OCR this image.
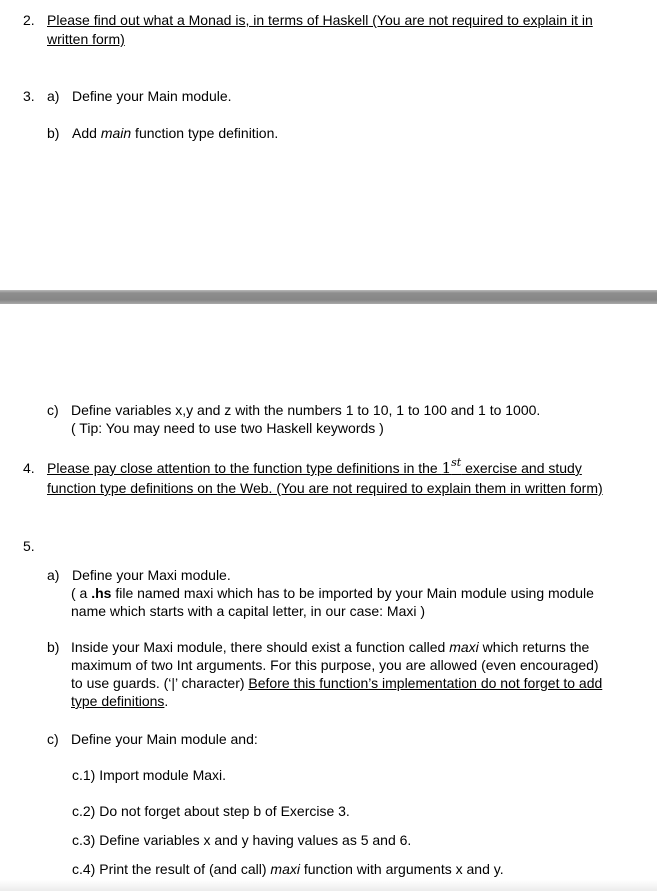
2. Please find out what a Monad is, in terms of Haskell (You are not required to explain it in
written form)
3. a) Define your Main module.
b) Add main function type definition.
c) Define variables x,y and z with the numbers 1 to 10, 1 to 100 and 1 to 1000.
( Tip: You may need to use two Haskell keywords )
4. Please pay close attention to the function type definitions in the 1st exercise and study
function type definitions on the Web. (You are not required to explain them in written form)
5.
a) Define your Maxi module.
( a .hs file named maxi which has to be imported by your Main module using module
name which starts with a capital letter, in our case: Maxi )
b) Inside your Maxi module, there should exist a function called maxi which returns the
maximum of two Int arguments. For this purpose, you are allowed (even encouraged)
to use guards. (‘|’ character) Before this function’s implementation do not forget to add
type definitions.
c) Define your Main module and:
c.1) Import module Maxi.
c.2) Do not forget about step b of Exercise 3.
c.3) Define variables x and y having values as 5 and 6.
c.4) Print the result of (and call) maxi function with arguments x and y.
